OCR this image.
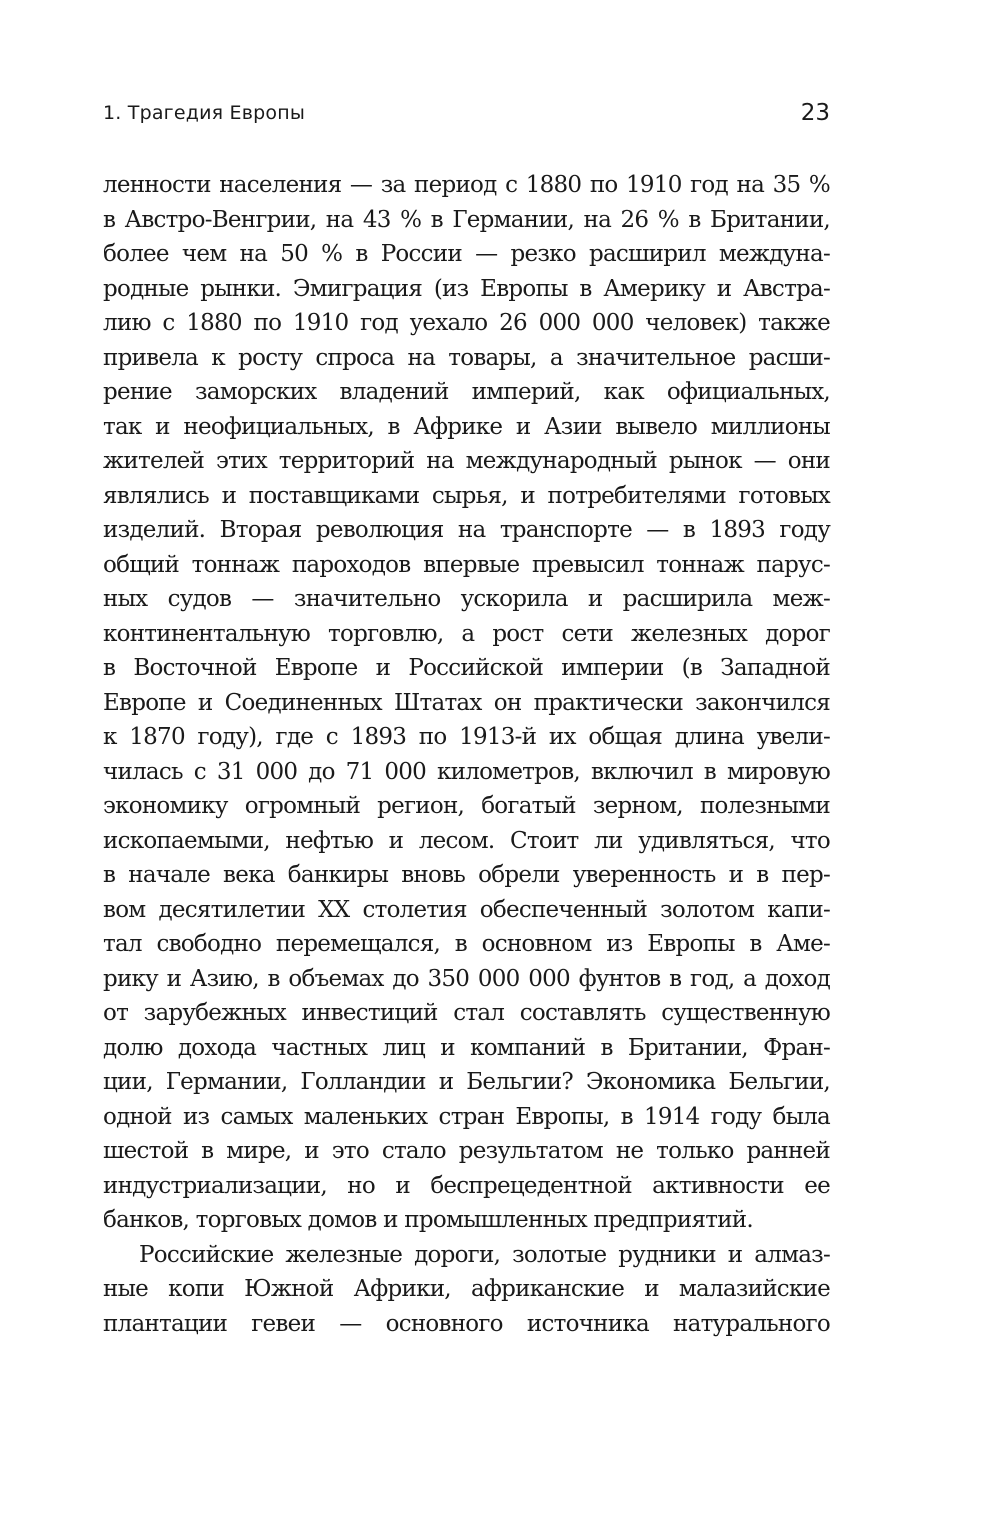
1. Трагедия Европы	23
ленности населения — за период с 1880 по 1910 год на 35 %
в Австро-Венгрии, на 43 % в Германии, на 26 % в Британии,
более чем на 50 % в России — резко расширил междуна-
родные рынки. Эмиграция (из Европы в Америку и Австра-
лию с 1880 по 1910 год уехало 26 000 000 человек) также
привела к росту спроса на товары, а значительное расши-
рение заморских владений империй, как официальных,
так и неофициальных, в Африке и Азии вывело миллионы
жителей этих территорий на международный рынок — они
являлись и поставщиками сырья, и потребителями готовых
изделий. Вторая революция на транспорте — в 1893 году
общий тоннаж пароходов впервые превысил тоннаж парус-
ных судов — значительно ускорила и расширила меж-
континентальную торговлю, а рост сети железных дорог
в Восточной Европе и Российской империи (в Западной
Европе и Соединенных Штатах он практически закончился
к 1870 году), где с 1893 по 1913-й их общая длина увели-
чилась с 31 000 до 71 000 километров, включил в мировую
экономику огромный регион, богатый зерном, полезными
ископаемыми, нефтью и лесом. Стоит ли удивляться, что
в начале века банкиры вновь обрели уверенность и в пер-
вом десятилетии XX столетия обеспеченный золотом капи-
тал свободно перемещался, в основном из Европы в Аме-
рику и Азию, в объемах до 350 000 000 фунтов в год, а доход
от зарубежных инвестиций стал составлять существенную
долю дохода частных лиц и компаний в Британии, Фран-
ции, Германии, Голландии и Бельгии? Экономика Бельгии,
одной из самых маленьких стран Европы, в 1914 году была
шестой в мире, и это стало результатом не только ранней
индустриализации, но и беспрецедентной активности ее
банков, торговых домов и промышленных предприятий.
Российские железные дороги, золотые рудники и алмаз-
ные копи Южной Африки, африканские и малазийские
плантации гевеи — основного источника натурального
